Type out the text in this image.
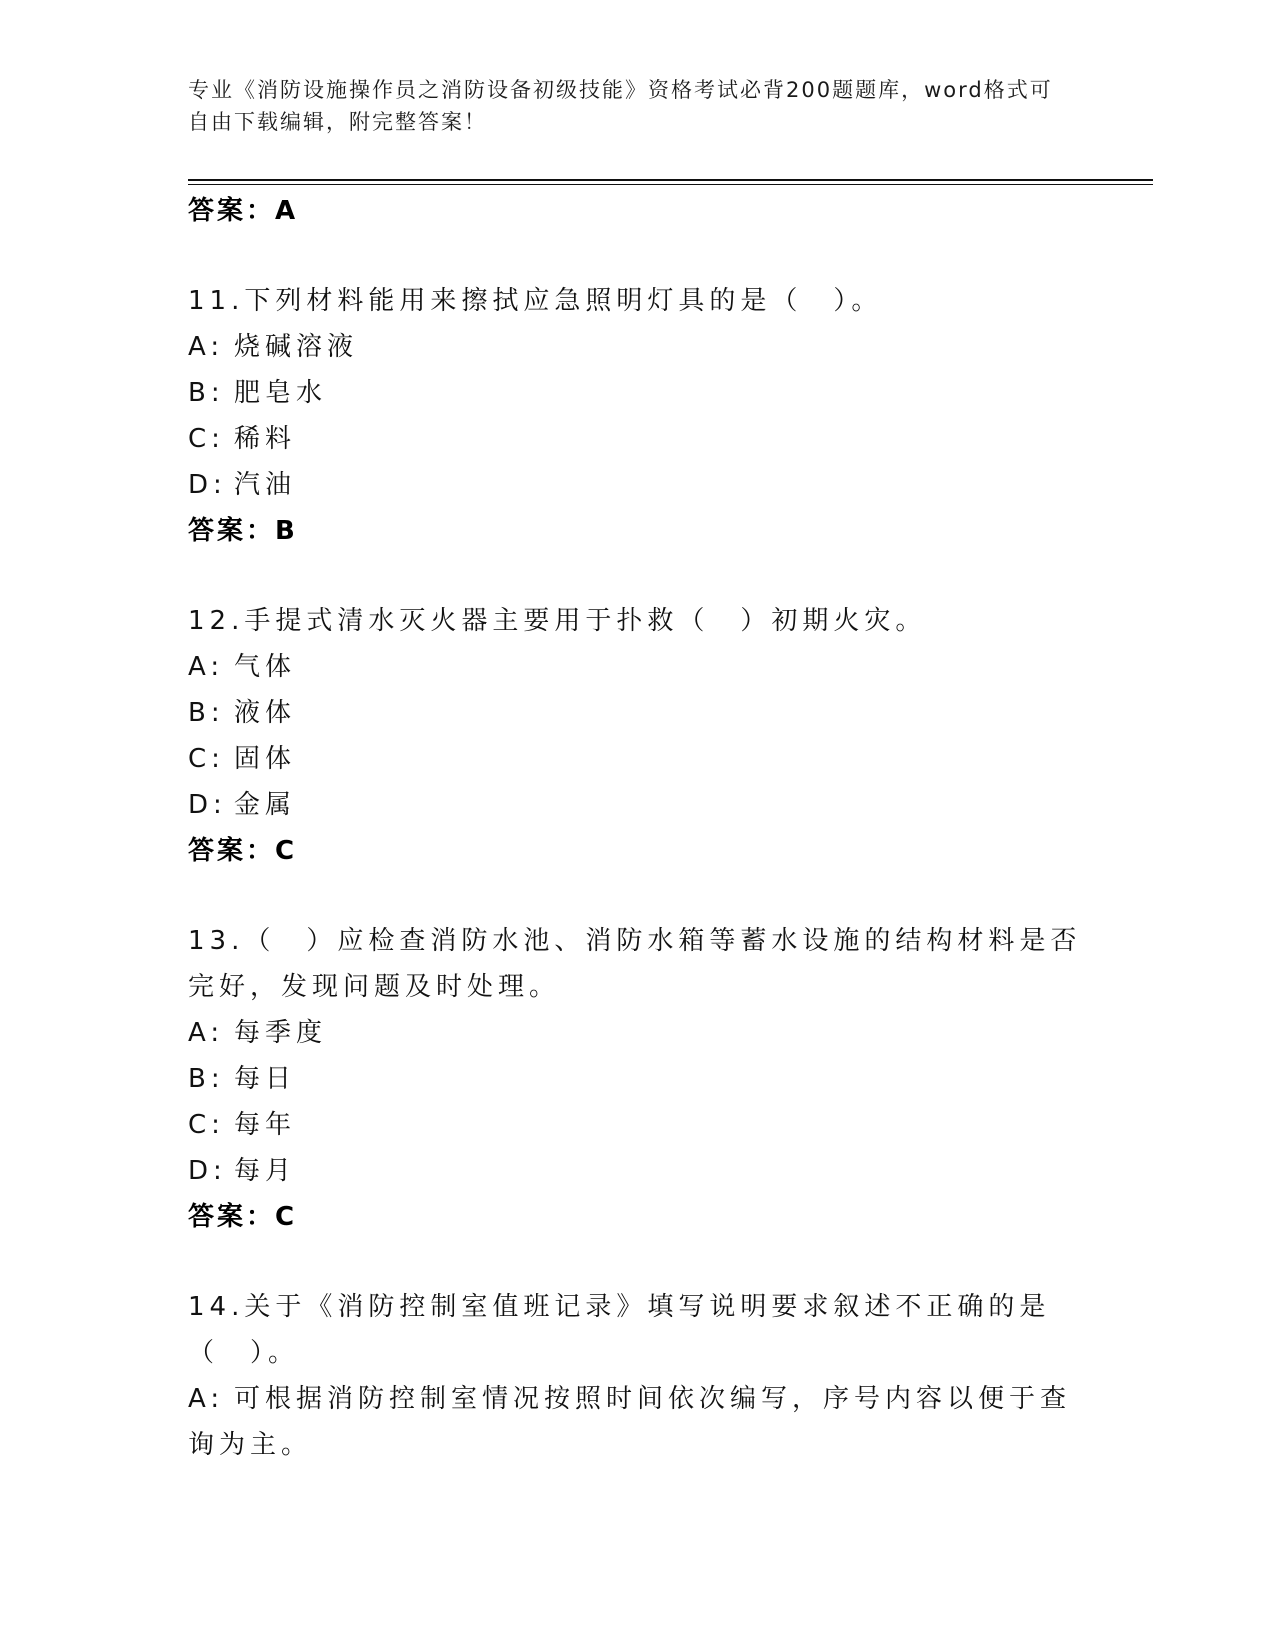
专业《消防设施操作员之消防设备初级技能》资格考试必背200题题库，word格式可自由下载编辑，附完整答案！
答案：A
11.下列材料能用来擦拭应急照明灯具的是（　）。
A: 烧碱溶液
B: 肥皂水
C: 稀料
D: 汽油
答案：B
12.手提式清水灭火器主要用于扑救（　）初期火灾。
A: 气体
B: 液体
C: 固体
D: 金属
答案：C
13.（　）应检查消防水池、消防水箱等蓄水设施的结构材料是否完好，发现问题及时处理。
A: 每季度
B: 每日
C: 每年
D: 每月
答案：C
14.关于《消防控制室值班记录》填写说明要求叙述不正确的是（　）。
A: 可根据消防控制室情况按照时间依次编写，序号内容以便于查询为主。
